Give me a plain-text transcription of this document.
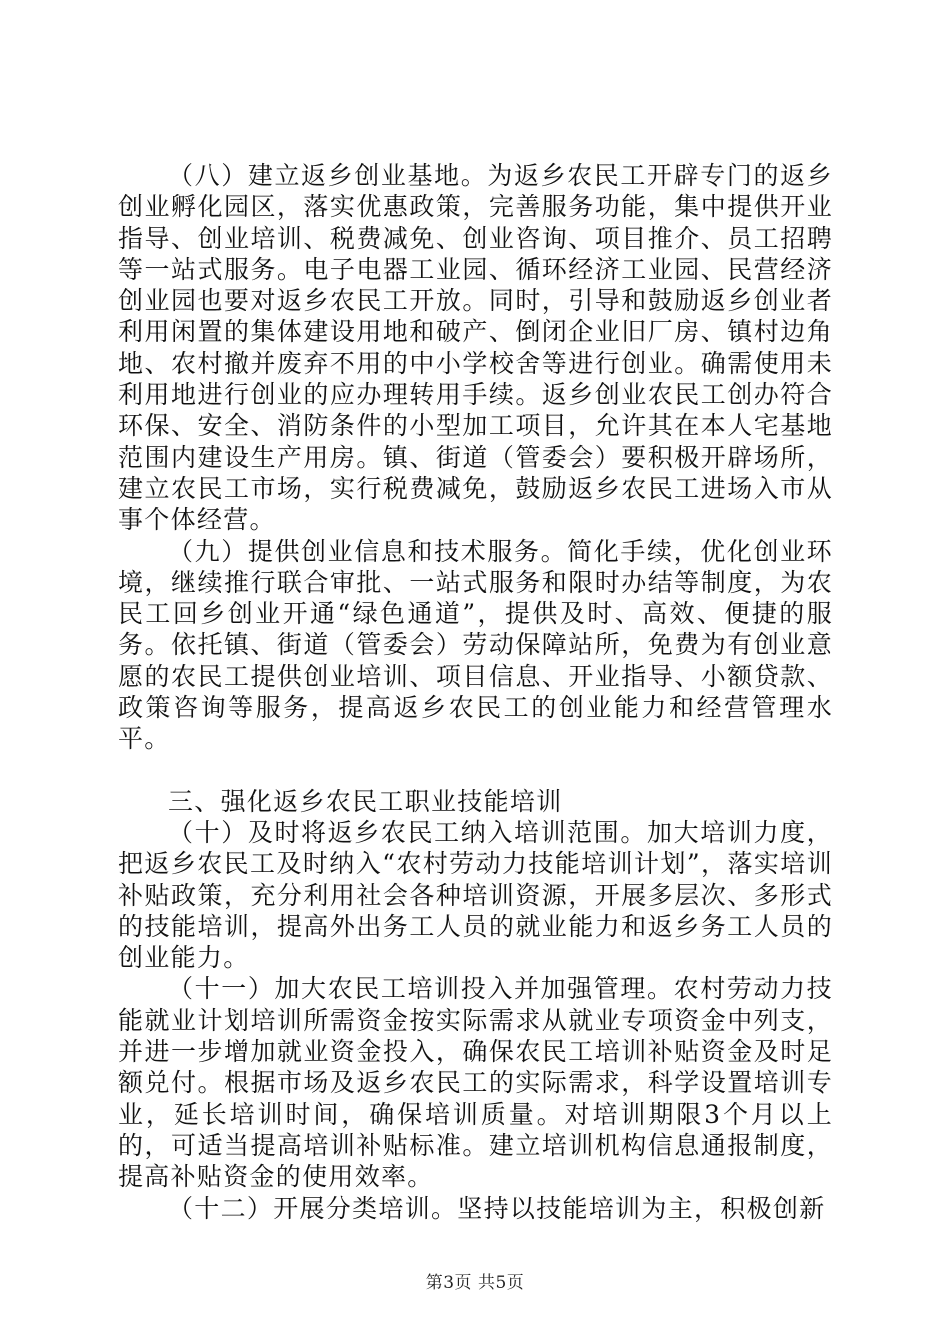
（八）建立返乡创业基地。为返乡农民工开辟专门的返乡创业孵化园区，落实优惠政策，完善服务功能，集中提供开业指导、创业培训、税费减免、创业咨询、项目推介、员工招聘等一站式服务。电子电器工业园、循环经济工业园、民营经济创业园也要对返乡农民工开放。同时，引导和鼓励返乡创业者利用闲置的集体建设用地和破产、倒闭企业旧厂房、镇村边角地、农村撤并废弃不用的中小学校舍等进行创业。确需使用未利用地进行创业的应办理转用手续。返乡创业农民工创办符合环保、安全、消防条件的小型加工项目，允许其在本人宅基地范围内建设生产用房。镇、街道（管委会）要积极开辟场所，建立农民工市场，实行税费减免，鼓励返乡农民工进场入市从事个体经营。

（九）提供创业信息和技术服务。简化手续，优化创业环境，继续推行联合审批、一站式服务和限时办结等制度，为农民工回乡创业开通“绿色通道”，提供及时、高效、便捷的服务。依托镇、街道（管委会）劳动保障站所，免费为有创业意愿的农民工提供创业培训、项目信息、开业指导、小额贷款、政策咨询等服务，提高返乡农民工的创业能力和经营管理水平。

三、强化返乡农民工职业技能培训

（十）及时将返乡农民工纳入培训范围。加大培训力度，把返乡农民工及时纳入“农村劳动力技能培训计划”，落实培训补贴政策，充分利用社会各种培训资源，开展多层次、多形式的技能培训，提高外出务工人员的就业能力和返乡务工人员的创业能力。

（十一）加大农民工培训投入并加强管理。农村劳动力技能就业计划培训所需资金按实际需求从就业专项资金中列支，并进一步增加就业资金投入，确保农民工培训补贴资金及时足额兑付。根据市场及返乡农民工的实际需求，科学设置培训专业，延长培训时间，确保培训质量。对培训期限3个月以上的，可适当提高培训补贴标准。建立培训机构信息通报制度，提高补贴资金的使用效率。

（十二）开展分类培训。坚持以技能培训为主，积极创新

第3页 共5页
